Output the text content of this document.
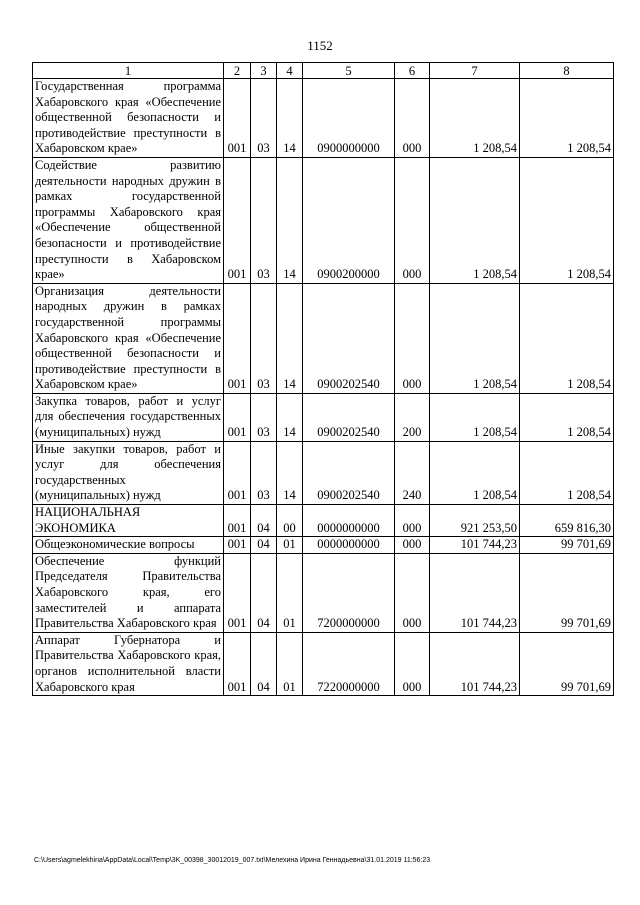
1152
1	2	3	4	5	6	7	8
Государственная программа Хабаровского края «Обеспечение общественной безопасности и противодействие преступности в Хабаровском крае»	001	03	14	0900000000	000	1 208,54	1 208,54
Содействие развитию деятельности народных дружин в рамках государственной программы Хабаровского края «Обеспечение общественной безопасности и противодействие преступности в Хабаровском крае»	001	03	14	0900200000	000	1 208,54	1 208,54
Организация деятельности народных дружин в рамках государственной программы Хабаровского края «Обеспечение общественной безопасности и противодействие преступности в Хабаровском крае»	001	03	14	0900202540	000	1 208,54	1 208,54
Закупка товаров, работ и услуг для обеспечения государственных (муниципальных) нужд	001	03	14	0900202540	200	1 208,54	1 208,54
Иные закупки товаров, работ и услуг для обеспечения государственных (муниципальных) нужд	001	03	14	0900202540	240	1 208,54	1 208,54
НАЦИОНАЛЬНАЯ ЭКОНОМИКА	001	04	00	0000000000	000	921 253,50	659 816,30
Общеэкономические вопросы	001	04	01	0000000000	000	101 744,23	99 701,69
Обеспечение функций Председателя Правительства Хабаровского края, его заместителей и аппарата Правительства Хабаровского края	001	04	01	7200000000	000	101 744,23	99 701,69
Аппарат Губернатора и Правительства Хабаровского края, органов исполнительной власти Хабаровского края	001	04	01	7220000000	000	101 744,23	99 701,69
C:\Users\agmelekhina\AppData\Local\Temp\3K_00398_30012019_007.txt\Мелехина Ирина Геннадьевна\31.01.2019 11:56:23
